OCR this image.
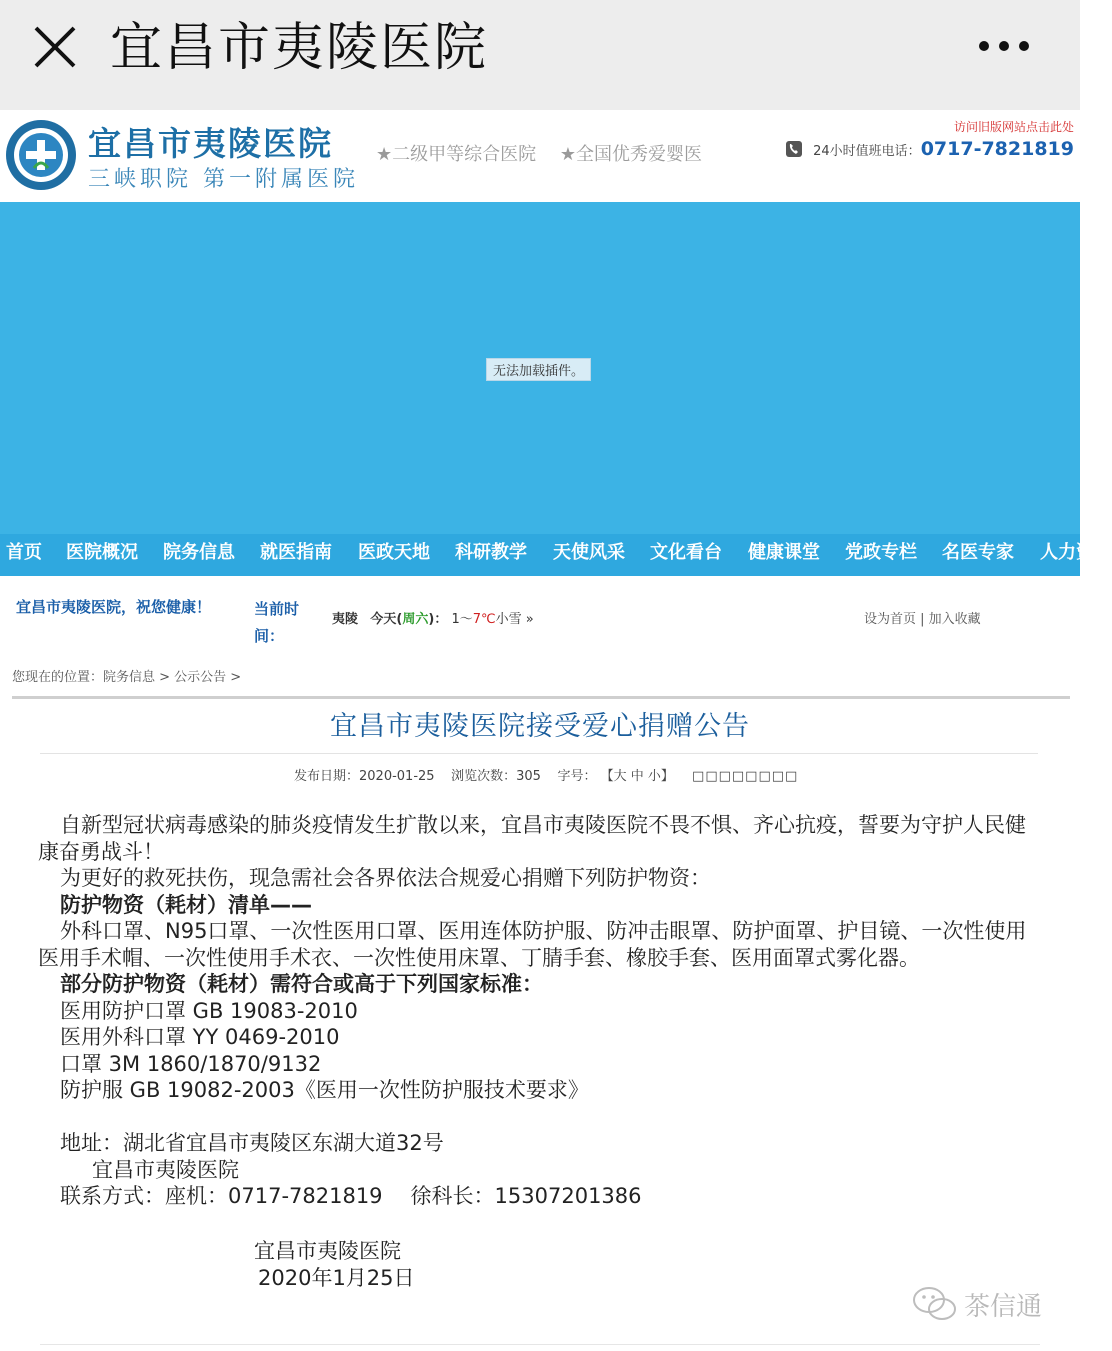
宜昌市夷陵医院
宜昌市夷陵医院
三峡职院 第一附属医院
★二级甲等综合医院 ★全国优秀爱婴医
访问旧版网站点击此处
24小时值班电话： 0717-7821819
无法加载插件。
首页 医院概况 院务信息 就医指南 医政天地 科研教学 天使风采 文化看台 健康课堂 党政专栏 名医专家 人力资源
宜昌市夷陵医院，祝您健康！	当前时间：
夷陵 今天(周六)： 1～7℃小雪 »	设为首页 | 加入收藏
您现在的位置：院务信息 > 公示公告 >
宜昌市夷陵医院接受爱心捐赠公告
发布日期：2020-01-25 浏览次数：305 字号： 【大 中 小】 □□□□□□□□

自新型冠状病毒感染的肺炎疫情发生扩散以来，宜昌市夷陵医院不畏不惧、齐心抗疫，誓要为守护人民健康奋勇战斗！

为更好的救死扶伤，现急需社会各界依法合规爱心捐赠下列防护物资：

防护物资（耗材）清单——

外科口罩、N95口罩、一次性医用口罩、医用连体防护服、防冲击眼罩、防护面罩、护目镜、一次性使用医用手术帽、一次性使用手术衣、一次性使用床罩、丁腈手套、橡胶手套、医用面罩式雾化器。

部分防护物资（耗材）需符合或高于下列国家标准：

医用防护口罩 GB 19083-2010

医用外科口罩 YY 0469-2010

口罩 3M 1860/1870/9132

防护服 GB 19082-2003《医用一次性防护服技术要求》

地址：湖北省宜昌市夷陵区东湖大道32号

宜昌市夷陵医院

联系方式：座机：0717-7821819 徐科长：15307201386

宜昌市夷陵医院
2020年1月25日
茶信通
